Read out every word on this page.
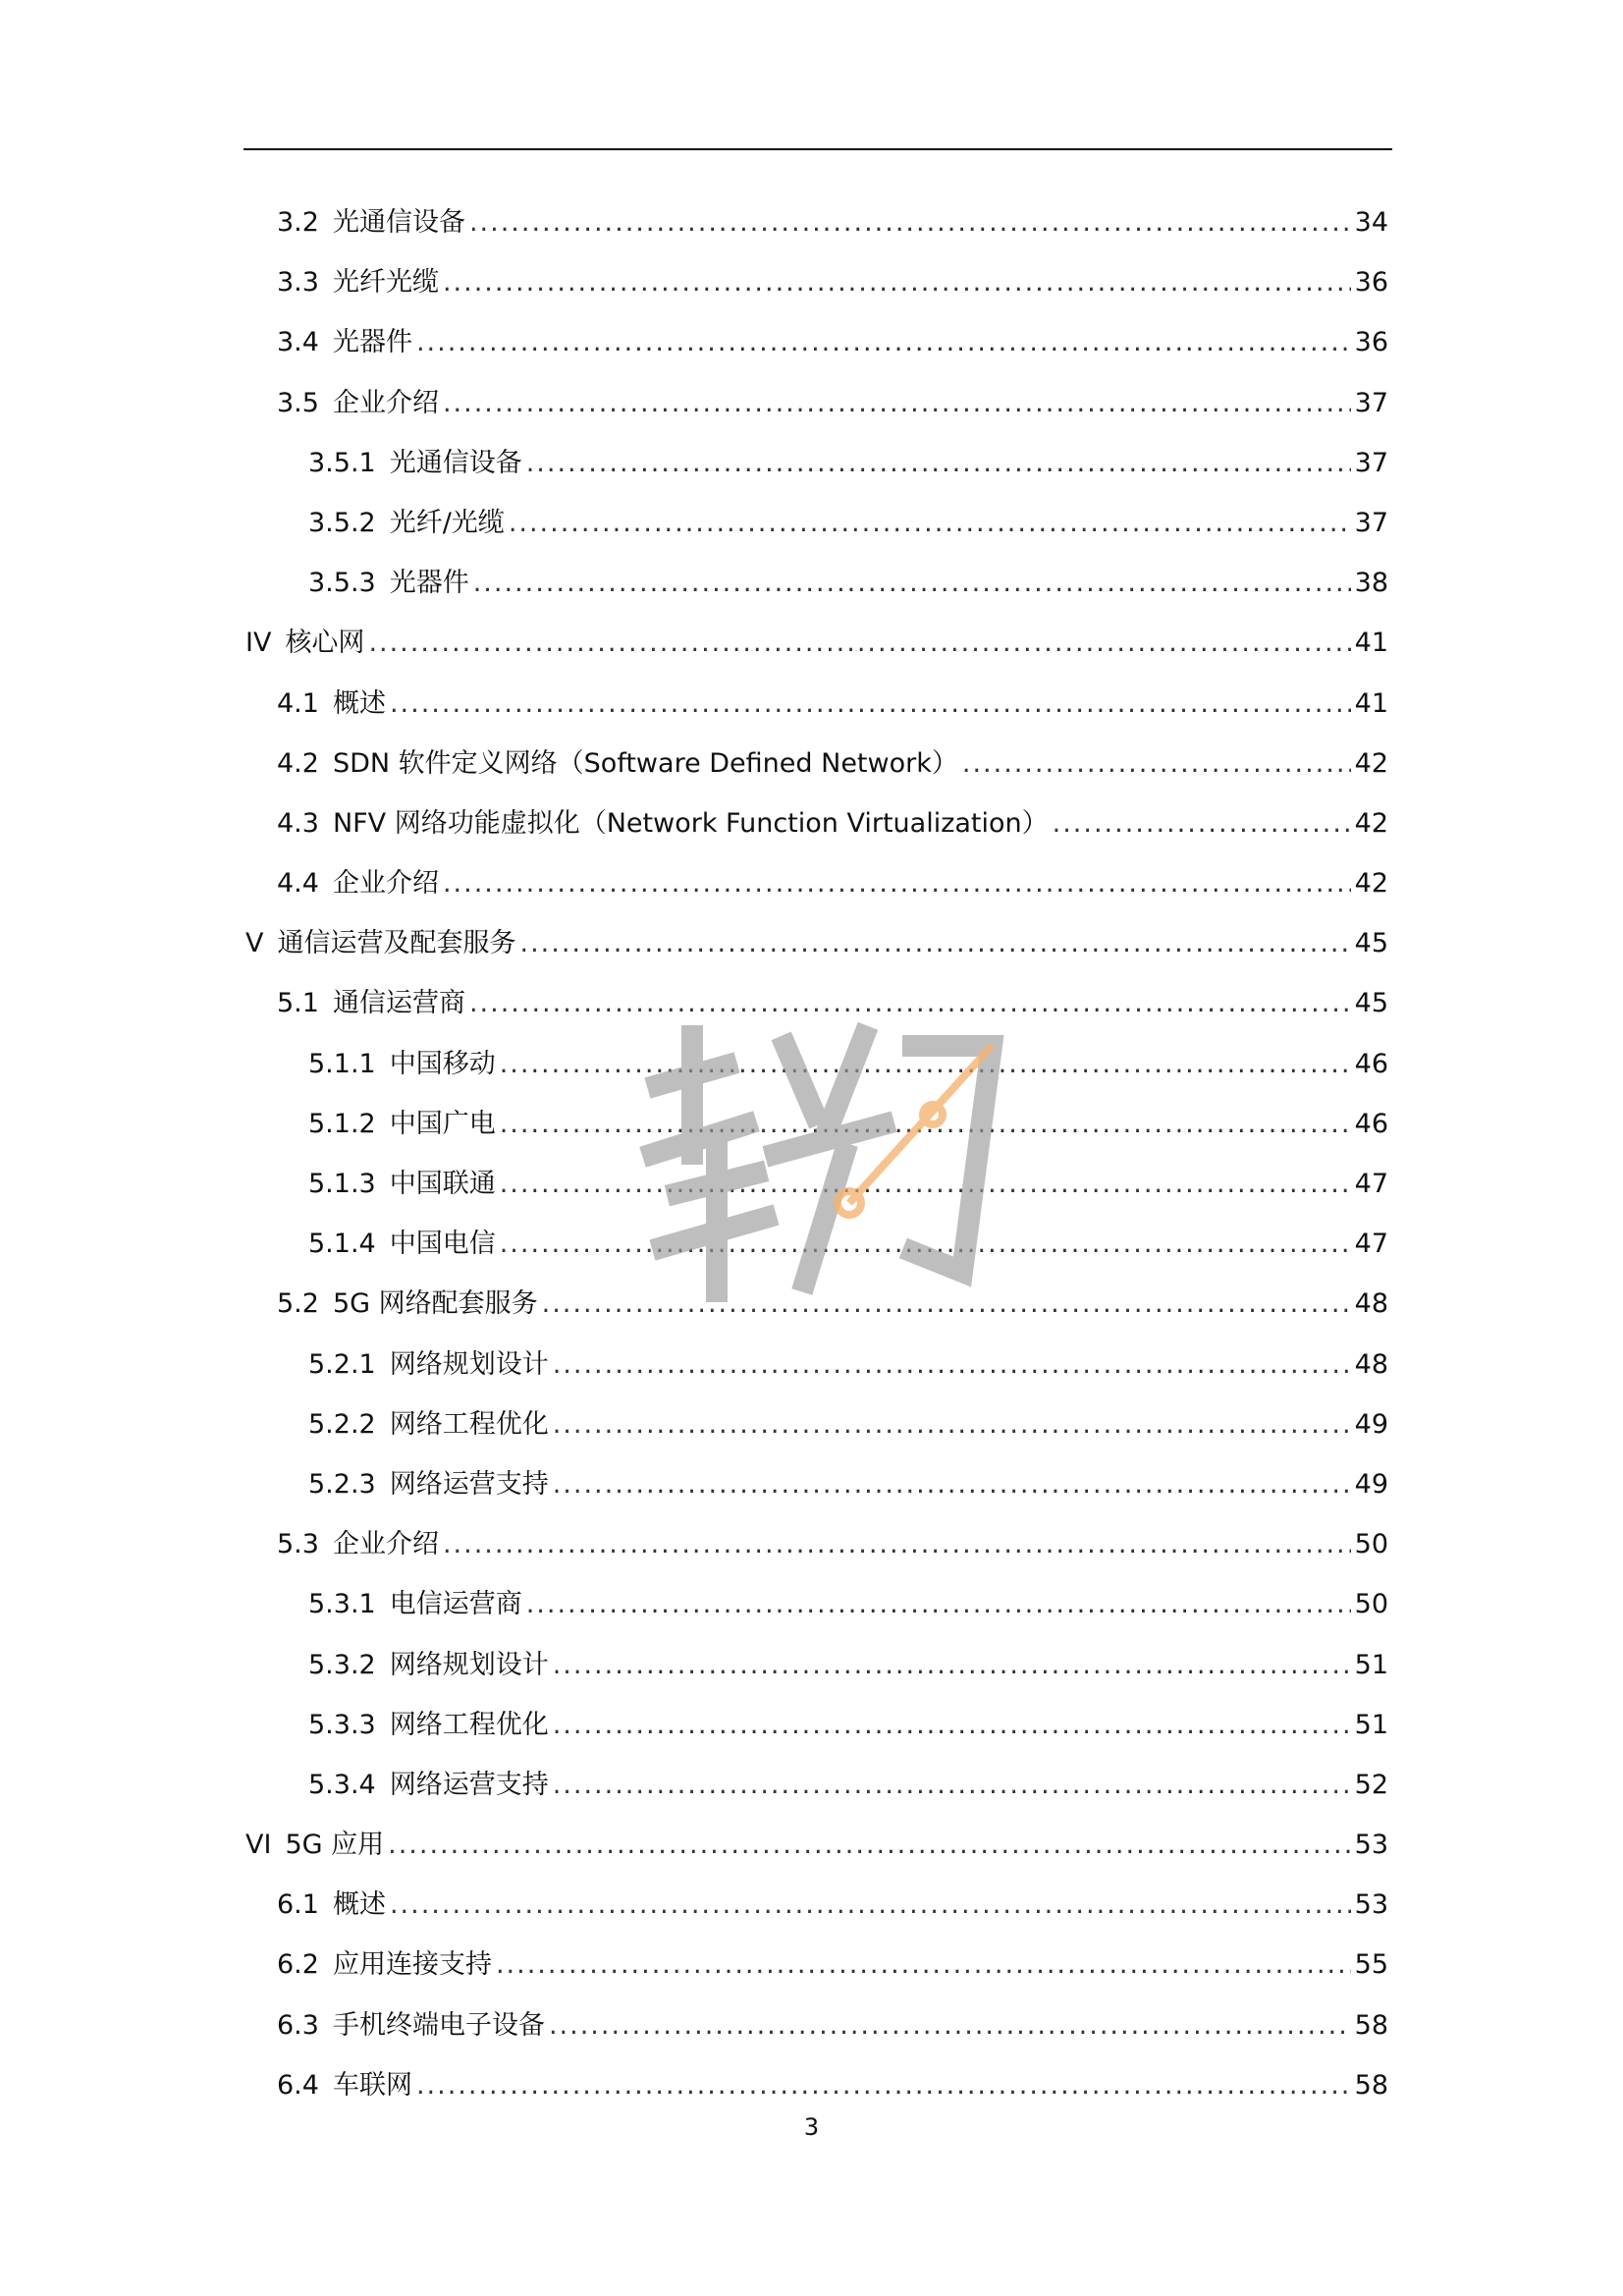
3.2 光通信设备 .....	34
3.3 光纤光缆 .....	36
3.4 光器件 .....	36
3.5 企业介绍 .....	37
3.5.1 光通信设备 .....	37
3.5.2 光纤/光缆 .....	37
3.5.3 光器件 .....	38
IV 核心网 .....	41
4.1 概述 .....	41
4.2 SDN 软件定义网络（Software Defined Network） .....	42
4.3 NFV 网络功能虚拟化（Network Function Virtualization） .....	42
4.4 企业介绍 .....	42
V 通信运营及配套服务 .....	45
5.1 通信运营商 .....	45
5.1.1 中国移动 .....	46
5.1.2 中国广电 .....	46
5.1.3 中国联通 .....	47
5.1.4 中国电信 .....	47
5.2 5G 网络配套服务 .....	48
5.2.1 网络规划设计 .....	48
5.2.2 网络工程优化 .....	49
5.2.3 网络运营支持 .....	49
5.3 企业介绍 .....	50
5.3.1 电信运营商 .....	50
5.3.2 网络规划设计 .....	51
5.3.3 网络工程优化 .....	51
5.3.4 网络运营支持 .....	52
VI 5G 应用 .....	53
6.1 概述 .....	53
6.2 应用连接支持 .....	55
6.3 手机终端电子设备 .....	58
6.4 车联网 .....	58
3
